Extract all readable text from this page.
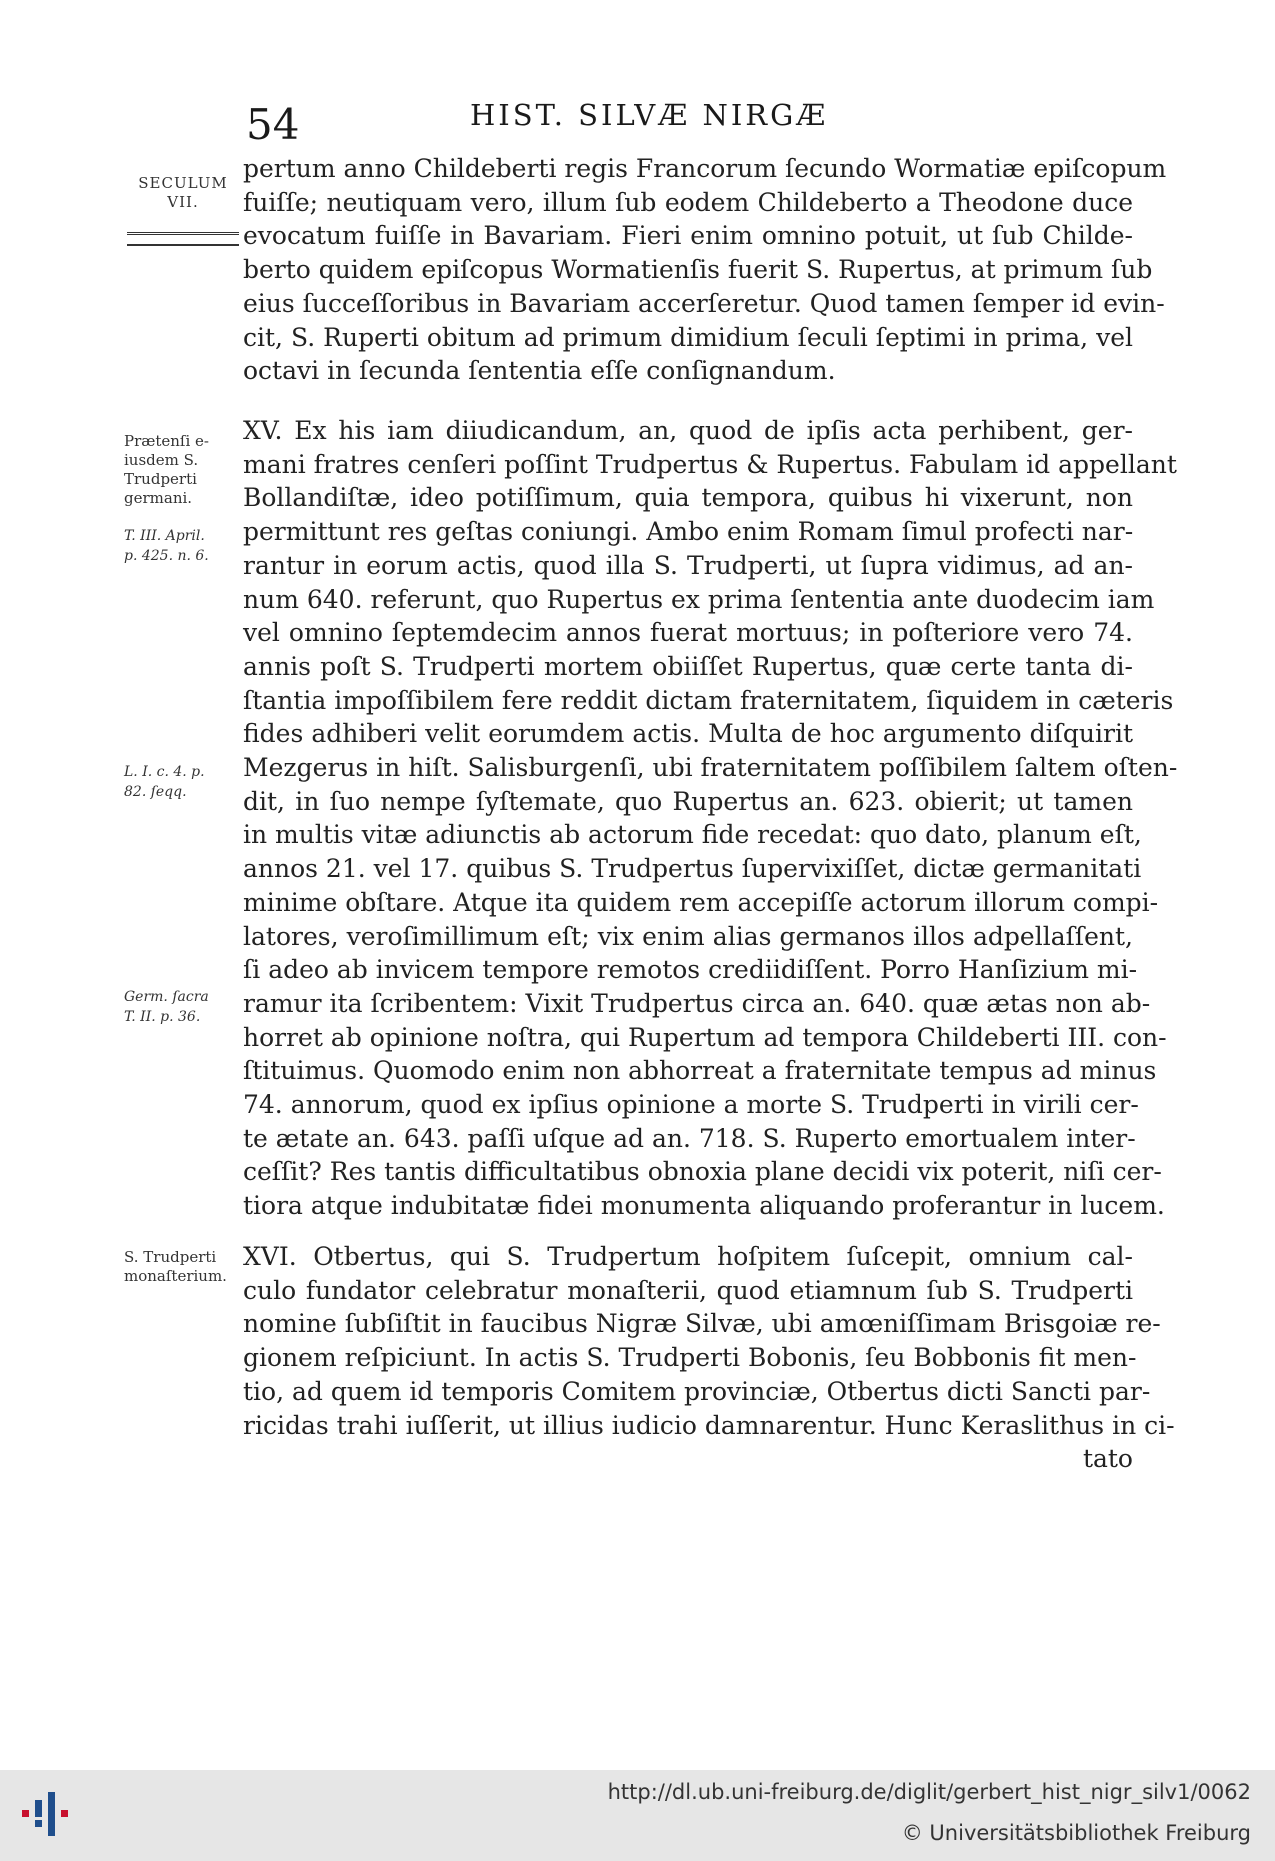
54	HIST. SILVÆ NIRGÆ
SECULUM
VII.
Prætenſi e-
iusdem S.
Trudperti
germani.
T. III. April.
p. 425. n. 6.
L. I. c. 4. p.
82. ſeqq.
Germ. ſacra
T. II. p. 36.
S. Trudperti
monaſterium.
pertum anno Childeberti regis Francorum ſecundo Wormatiæ epiſcopum
fuiſſe; neutiquam vero, illum ſub eodem Childeberto a Theodone duce
evocatum fuiſſe in Bavariam. Fieri enim omnino potuit, ut ſub Childe-
berto quidem epiſcopus Wormatienſis fuerit S. Rupertus, at primum ſub
eius ſucceſſoribus in Bavariam accerſeretur. Quod tamen ſemper id evin-
cit, S. Ruperti obitum ad primum dimidium ſeculi ſeptimi in prima, vel
octavi in ſecunda ſententia eſſe conſignandum.
XV. Ex his iam diiudicandum, an, quod de ipſis acta perhibent, ger-
mani fratres cenſeri poſſint Trudpertus & Rupertus. Fabulam id appellant
Bollandiſtæ, ideo potiſſimum, quia tempora, quibus hi vixerunt, non
permittunt res geſtas coniungi. Ambo enim Romam ſimul profecti nar-
rantur in eorum actis, quod illa S. Trudperti, ut ſupra vidimus, ad an-
num 640. referunt, quo Rupertus ex prima ſententia ante duodecim iam
vel omnino ſeptemdecim annos fuerat mortuus; in poſteriore vero 74.
annis poſt S. Trudperti mortem obiiſſet Rupertus, quæ certe tanta di-
ſtantia impoſſibilem fere reddit dictam fraternitatem, ſiquidem in cæteris
fides adhiberi velit eorumdem actis. Multa de hoc argumento diſquirit
Mezgerus in hiſt. Salisburgenſi, ubi fraternitatem poſſibilem ſaltem oſten-
dit, in ſuo nempe ſyſtemate, quo Rupertus an. 623. obierit; ut tamen
in multis vitæ adiunctis ab actorum fide recedat: quo dato, planum eſt,
annos 21. vel 17. quibus S. Trudpertus ſupervixiſſet, dictæ germanitati
minime obſtare. Atque ita quidem rem accepiſſe actorum illorum compi-
latores, veroſimillimum eſt; vix enim alias germanos illos adpellaſſent,
ſi adeo ab invicem tempore remotos crediidiſſent. Porro Hanſizium mi-
ramur ita ſcribentem: Vixit Trudpertus circa an. 640. quæ ætas non ab-
horret ab opinione noſtra, qui Rupertum ad tempora Childeberti III. con-
ſtituimus. Quomodo enim non abhorreat a fraternitate tempus ad minus
74. annorum, quod ex ipſius opinione a morte S. Trudperti in virili cer-
te ætate an. 643. paſſi uſque ad an. 718. S. Ruperto emortualem inter-
ceſſit? Res tantis difficultatibus obnoxia plane decidi vix poterit, niſi cer-
tiora atque indubitatæ fidei monumenta aliquando proferantur in lucem.
XVI. Otbertus, qui S. Trudpertum hoſpitem ſuſcepit, omnium cal-
culo fundator celebratur monaſterii, quod etiamnum ſub S. Trudperti
nomine ſubſiſtit in faucibus Nigræ Silvæ, ubi amœniſſimam Brisgoiæ re-
gionem reſpiciunt. In actis S. Trudperti Bobonis, ſeu Bobbonis fit men-
tio, ad quem id temporis Comitem provinciæ, Otbertus dicti Sancti par-
ricidas trahi iuſſerit, ut illius iudicio damnarentur. Hunc Keraslithus in ci-
tato
http://dl.ub.uni-freiburg.de/diglit/gerbert_hist_nigr_silv1/0062
© Universitätsbibliothek Freiburg
